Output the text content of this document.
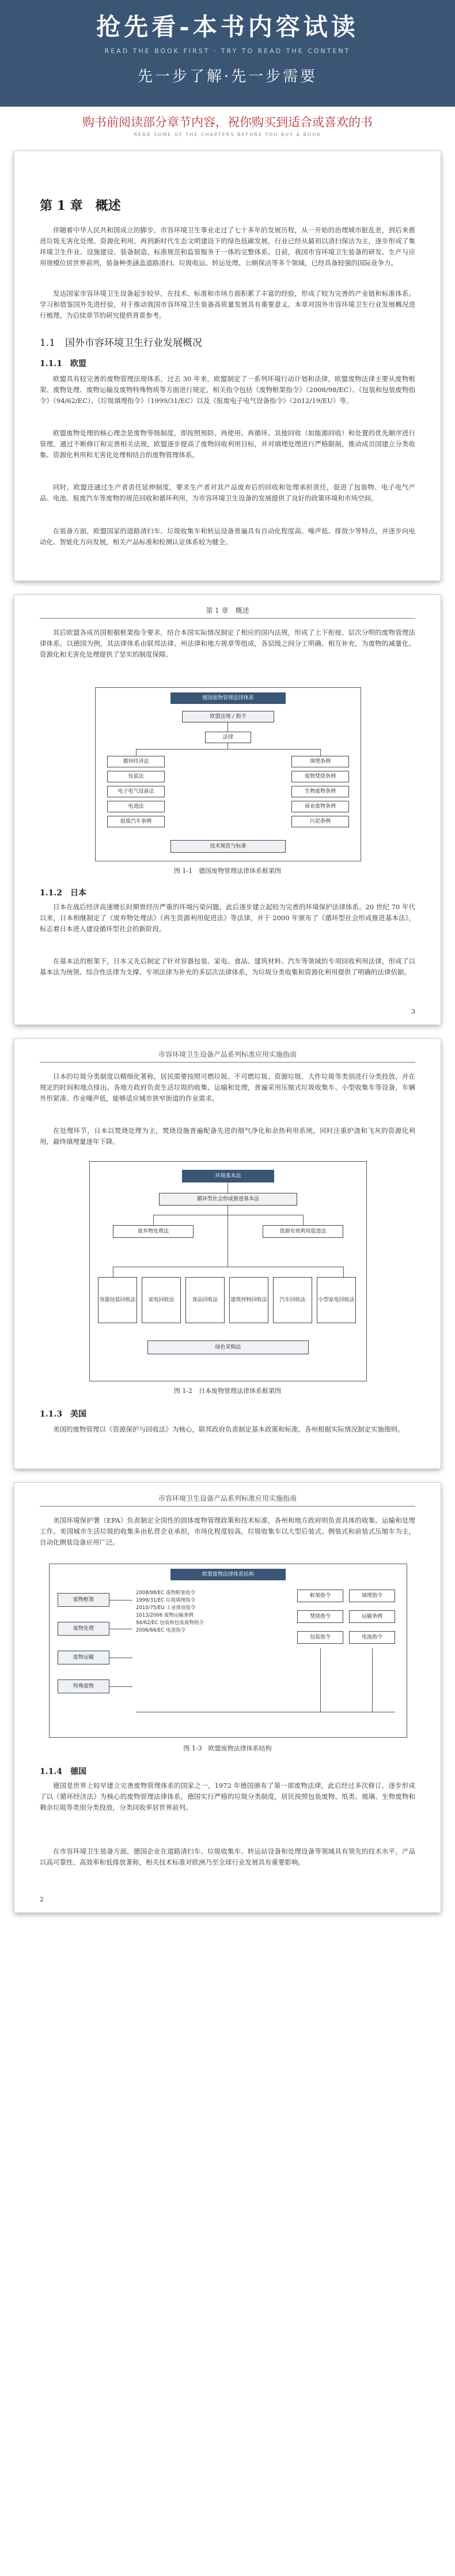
抢先看-本书内容试读
READ THE BOOK FIRST · TRY TO READ THE CONTENT
先一步了解·先一步需要
购书前阅读部分章节内容，祝你购买到适合或喜欢的书
READ SOME OF THE CHAPTERS BEFORE YOU BUY A BOOK
第 1 章　概述
伴随着中华人民共和国成立的脚步，市容环境卫生事业走过了七十多年的发展历程，从一开始的治理城市脏乱差，到后来推进垃圾无害化处理、资源化利用，再到新时代生态文明建设下的绿色低碳发展，行业已经从最初以清扫保洁为主，逐步形成了集环境卫生作业、设施建设、装备制造、标准规范和监管服务于一体的完整体系。目前，我国市容环境卫生装备的研发、生产与应用规模位居世界前列，装备种类涵盖道路清扫、垃圾收运、转运处理、公厕保洁等多个领域，已经具备较强的国际竞争力。
发达国家市容环境卫生设备起步较早，在技术、标准和市场方面积累了丰富的经验，形成了较为完善的产业链和标准体系。学习和借鉴国外先进经验，对于推动我国市容环境卫生装备高质量发展具有重要意义。本章对国外市容环境卫生行业发展概况进行梳理，为后续章节的研究提供背景参考。
1.1　国外市容环境卫生行业发展概况
1.1.1　欧盟
欧盟具有较完善的废物管理法规体系，过去 30 年来，欧盟制定了一系列环境行动计划和法律，欧盟废物法律主要从废物框架、废物处理、废物运输及废物特殊物质等方面进行规定，相关指令包括《废物框架指令》（2008/98/EC）、《包装和包装废物指令》（94/62/EC）、《垃圾填埋指令》（1999/31/EC）以及《报废电子电气设备指令》（2012/19/EU）等。
欧盟废物处理的核心理念是废物等级制度，即按照预防、再使用、再循环、其他回收（如能源回收）和处置的优先顺序进行管理。通过不断修订和完善相关法规，欧盟逐步提高了废物回收利用目标，并对填埋处理进行严格限制，推动成员国建立分类收集、资源化利用和无害化处理相结合的废物管理体系。
同时，欧盟还通过生产者责任延伸制度，要求生产者对其产品废弃后的回收和处理承担责任，促进了包装物、电子电气产品、电池、报废汽车等废物的规范回收和循环利用，为市容环境卫生设备的发展提供了良好的政策环境和市场空间。
在装备方面，欧盟国家的道路清扫车、垃圾收集车和转运设备普遍具有自动化程度高、噪声低、排放少等特点，并逐步向电动化、智能化方向发展，相关产品标准和检测认证体系较为健全。
第 1 章　概述
其后欧盟各成员国根据框架指令要求，结合本国实际情况制定了相应的国内法规，形成了上下衔接、层次分明的废物管理法律体系。以德国为例，其法律体系由联邦法律、州法律和地方规章等组成，各层级之间分工明确、相互补充，为废物的减量化、资源化和无害化处理提供了坚实的制度保障。
德国废物管理法律体系
欧盟法规 / 指令
法律
循环经济法
包装法
电子电气设备法
电池法
报废汽车条例
填埋条例
废物焚烧条例
生物废物条例
商业废物条例
污泥条例
技术规范与标准
图 1-1　德国废物管理法律体系框架图
1.1.2　日本
日本在战后经济高速增长时期曾经历严重的环境污染问题，此后逐步建立起较为完善的环境保护法律体系。20 世纪 70 年代以来，日本相继制定了《废弃物处理法》《再生资源利用促进法》等法律，并于 2000 年颁布了《循环型社会形成推进基本法》，标志着日本进入建设循环型社会的新阶段。
在基本法的框架下，日本又先后制定了针对容器包装、家电、食品、建筑材料、汽车等领域的专项回收利用法律，形成了以基本法为统领、综合性法律为支撑、专项法律为补充的多层次法律体系，为垃圾分类收集和资源化利用提供了明确的法律依据。
3
市容环境卫生设备产品系列标准应用实施指南
日本的垃圾分类制度以精细化著称，居民需要按照可燃垃圾、不可燃垃圾、资源垃圾、大件垃圾等类别进行分类投放，并在规定的时间和地点排出。各地方政府负责生活垃圾的收集、运输和处理，普遍采用压缩式垃圾收集车、小型收集车等设备，车辆外形紧凑、作业噪声低，能够适应城市狭窄街道的作业需求。
在处理环节，日本以焚烧处理为主，焚烧设施普遍配备先进的烟气净化和余热利用系统，同时注重炉渣和飞灰的资源化利用，最终填埋量逐年下降。
环境基本法
循环型社会形成推进基本法
废弃物处理法	资源有效利用促进法
容器包装回收法	家电回收法	食品回收法	建筑材料回收法	汽车回收法	小型家电回收法
绿色采购法
图 1-2　日本废物管理法律体系框架图
1.1.3　美国
美国的废物管理以《资源保护与回收法》为核心，联邦政府负责制定基本政策和标准，各州根据实际情况制定实施细则。
市容环境卫生设备产品系列标准应用实施指南
美国环境保护署（EPA）负责制定全国性的固体废物管理政策和技术标准，各州和地方政府则负责具体的收集、运输和处理工作。美国城市生活垃圾的收集多由私营企业承担，市场化程度较高，垃圾收集车以大型后装式、侧装式和前装式压缩车为主，自动化侧装设备应用广泛。
欧盟废物法律体系结构
废物框架
废物处理
废物运输
特殊废物
2008/98/EC 废物框架指令
1999/31/EC 垃圾填埋指令
2010/75/EU 工业排放指令
1013/2006 废物运输条例
94/62/EC 包装和包装废物指令
2006/66/EC 电池指令
框架指令	填埋指令
焚烧指令	运输条例
包装指令	电池指令
图 1-3　欧盟废物法律体系结构
1.1.4　德国
德国是世界上较早建立完善废物管理体系的国家之一，1972 年德国颁布了第一部废物法律，此后经过多次修订，逐步形成了以《循环经济法》为核心的废物管理法律体系。德国实行严格的垃圾分类制度，居民按照包装废物、纸类、玻璃、生物废物和剩余垃圾等类别分类投放，分类回收率居世界前列。
在市容环境卫生装备方面，德国企业在道路清扫车、垃圾收集车、转运站设备和处理设备等领域具有领先的技术水平，产品以高可靠性、高效率和低排放著称，相关技术标准对欧洲乃至全球行业发展具有重要影响。
2
